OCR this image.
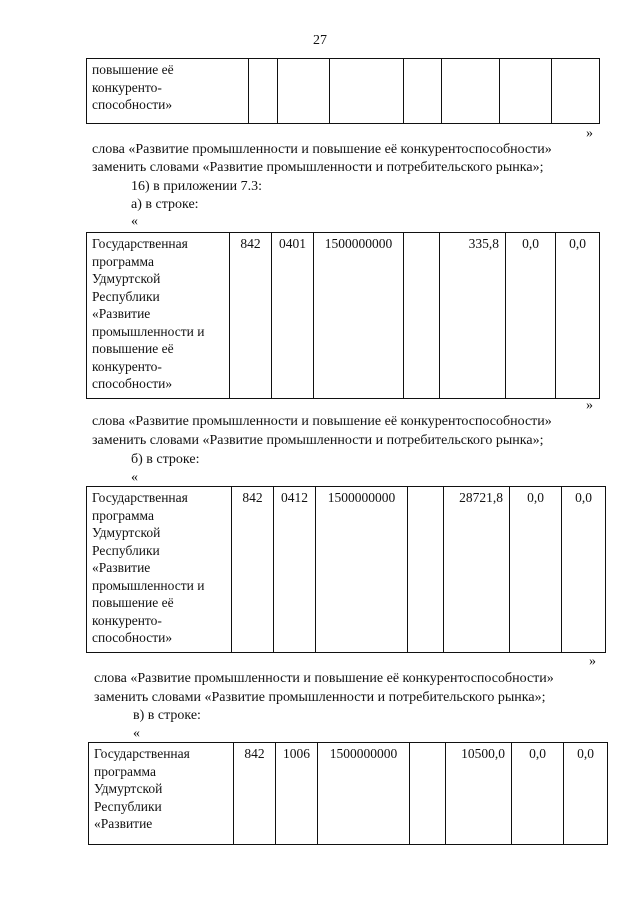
27
повышение её
конкуренто-
способности»							
»
слова «Развитие промышленности и повышение её конкурентоспособности»
заменить словами «Развитие промышленности и потребительского рынка»;
16) в приложении 7.3:
а) в строке:
«
Государственная
программа
Удмуртской
Республики
«Развитие
промышленности и
повышение её
конкуренто-
способности»	842	0401	1500000000		335,8	0,0	0,0
»
слова «Развитие промышленности и повышение её конкурентоспособности»
заменить словами «Развитие промышленности и потребительского рынка»;
б) в строке:
«
Государственная
программа
Удмуртской
Республики
«Развитие
промышленности и
повышение её
конкуренто-
способности»	842	0412	1500000000		28721,8	0,0	0,0
»
слова «Развитие промышленности и повышение её конкурентоспособности»
заменить словами «Развитие промышленности и потребительского рынка»;
в) в строке:
«
Государственная
программа
Удмуртской
Республики
«Развитие	842	1006	1500000000		10500,0	0,0	0,0
